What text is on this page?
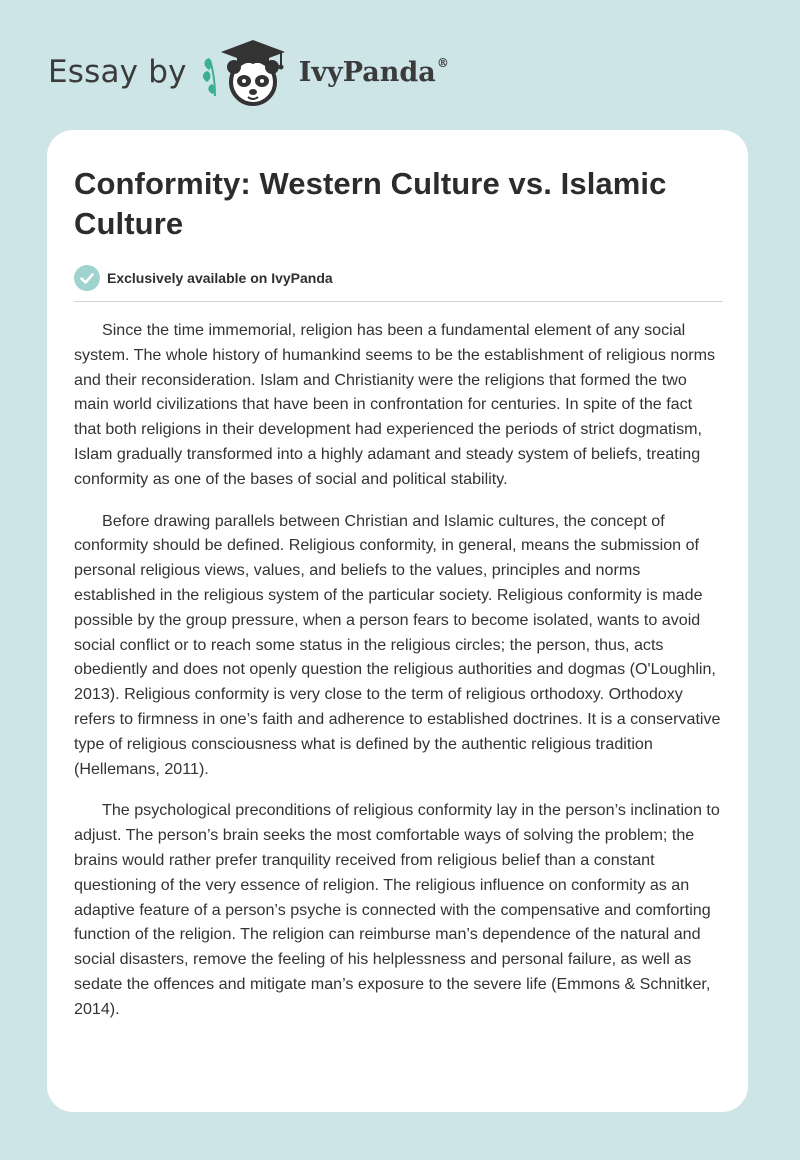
Essay by	IvyPanda®
Conformity: Western Culture vs. Islamic Culture
Exclusively available on IvyPanda

Since the time immemorial, religion has been a fundamental element of any social system. The whole history of humankind seems to be the establishment of religious norms and their reconsideration. Islam and Christianity were the religions that formed the two main world civilizations that have been in confrontation for centuries. In spite of the fact that both religions in their development had experienced the periods of strict dogmatism, Islam gradually transformed into a highly adamant and steady system of beliefs, treating conformity as one of the bases of social and political stability.

Before drawing parallels between Christian and Islamic cultures, the concept of conformity should be defined. Religious conformity, in general, means the submission of personal religious views, values, and beliefs to the values, principles and norms established in the religious system of the particular society. Religious conformity is made possible by the group pressure, when a person fears to become isolated, wants to avoid social conflict or to reach some status in the religious circles; the person, thus, acts obediently and does not openly question the religious authorities and dogmas (O'Loughlin, 2013). Religious conformity is very close to the term of religious orthodoxy. Orthodoxy refers to firmness in one’s faith and adherence to established doctrines. It is a conservative type of religious consciousness what is defined by the authentic religious tradition (Hellemans, 2011).

The psychological preconditions of religious conformity lay in the person’s inclination to adjust. The person’s brain seeks the most comfortable ways of solving the problem; the brains would rather prefer tranquility received from religious belief than a constant questioning of the very essence of religion. The religious influence on conformity as an adaptive feature of a person’s psyche is connected with the compensative and comforting function of the religion. The religion can reimburse man’s dependence of the natural and social disasters, remove the feeling of his helplessness and personal failure, as well as sedate the offences and mitigate man’s exposure to the severe life (Emmons & Schnitker, 2014).
